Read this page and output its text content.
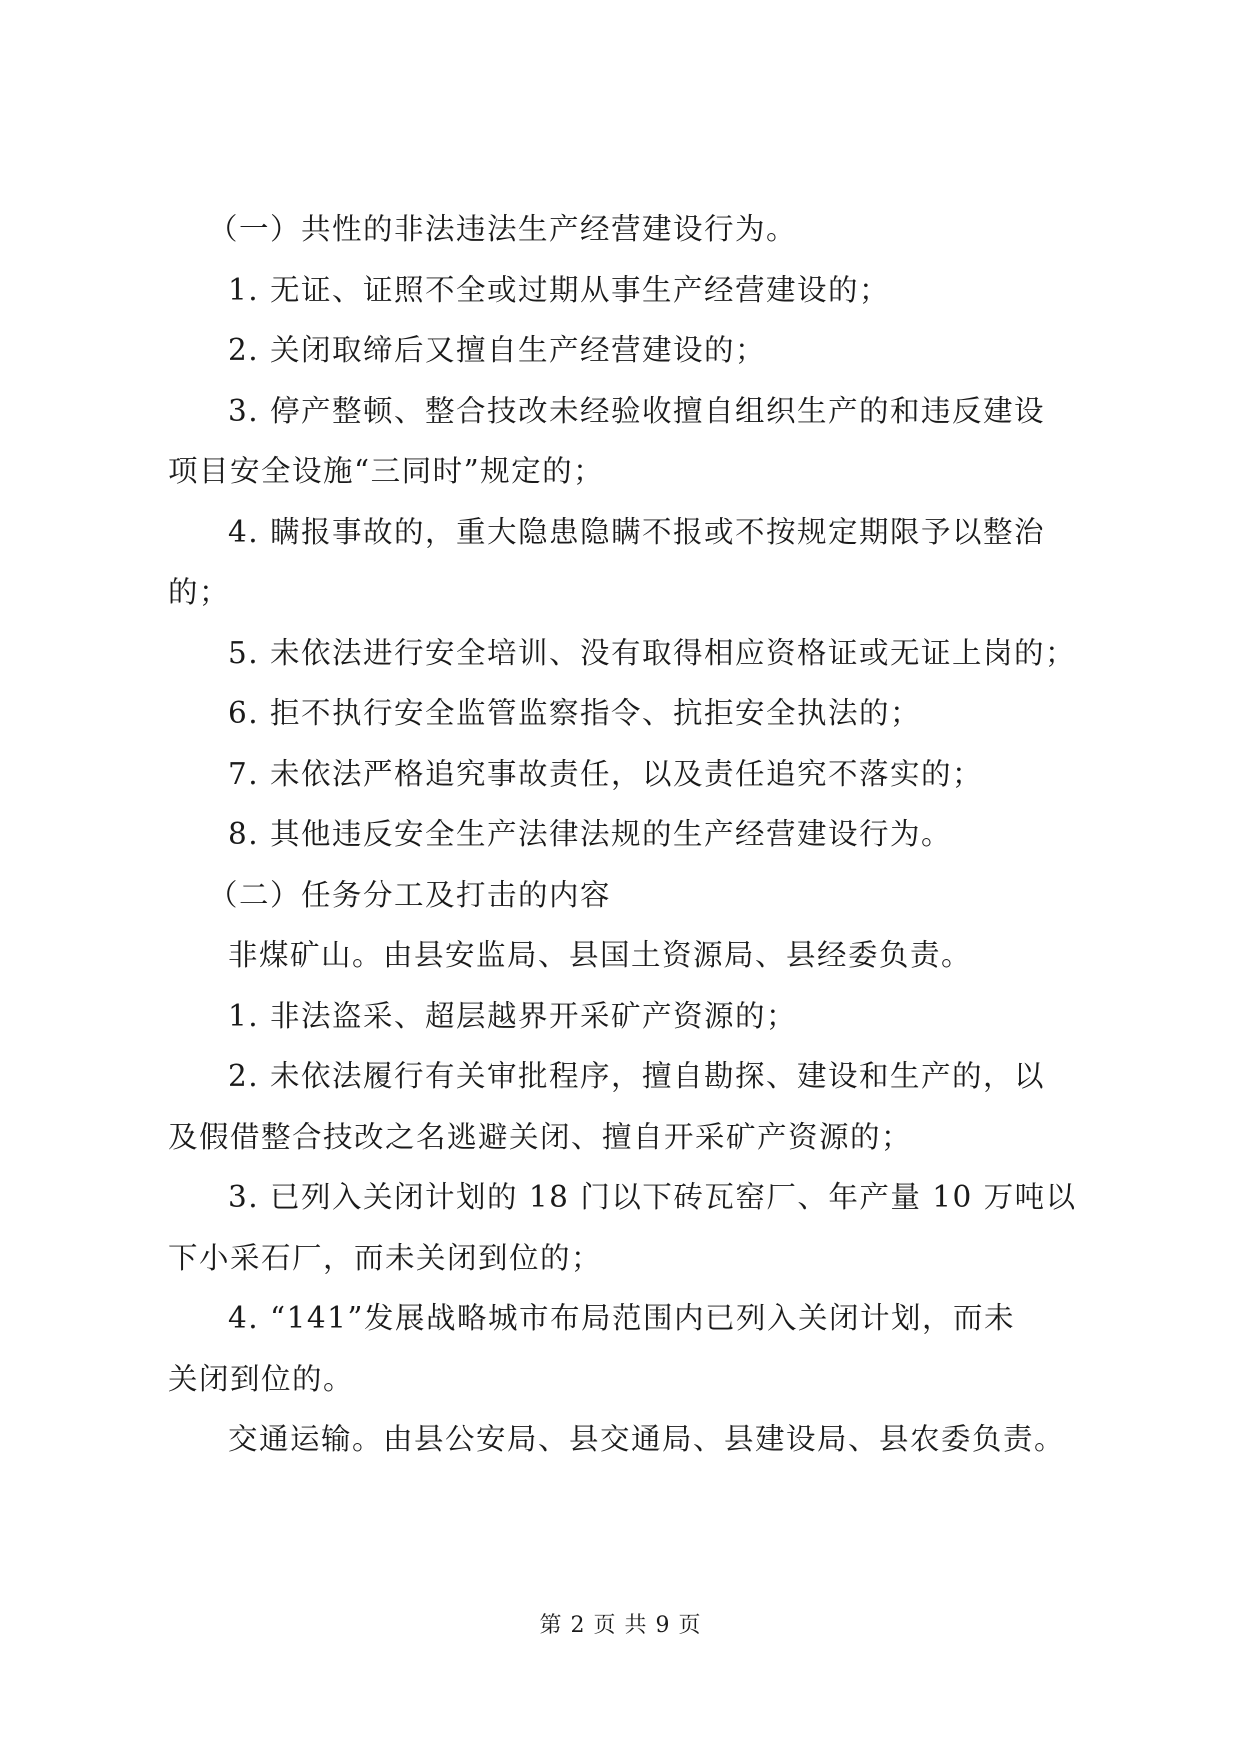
（一）共性的非法违法生产经营建设行为。
1. 无证、证照不全或过期从事生产经营建设的；
2. 关闭取缔后又擅自生产经营建设的；
3. 停产整顿、整合技改未经验收擅自组织生产的和违反建设
项目安全设施“三同时”规定的；
4. 瞒报事故的，重大隐患隐瞒不报或不按规定期限予以整治
的；
5. 未依法进行安全培训、没有取得相应资格证或无证上岗的；
6. 拒不执行安全监管监察指令、抗拒安全执法的；
7. 未依法严格追究事故责任，以及责任追究不落实的；
8. 其他违反安全生产法律法规的生产经营建设行为。
（二）任务分工及打击的内容
非煤矿山。由县安监局、县国土资源局、县经委负责。
1. 非法盗采、超层越界开采矿产资源的；
2. 未依法履行有关审批程序，擅自勘探、建设和生产的，以
及假借整合技改之名逃避关闭、擅自开采矿产资源的；
3. 已列入关闭计划的 18 门以下砖瓦窑厂、年产量 10 万吨以
下小采石厂，而未关闭到位的；
4. “141”发展战略城市布局范围内已列入关闭计划，而未
关闭到位的。
交通运输。由县公安局、县交通局、县建设局、县农委负责。
第 2 页 共 9 页
